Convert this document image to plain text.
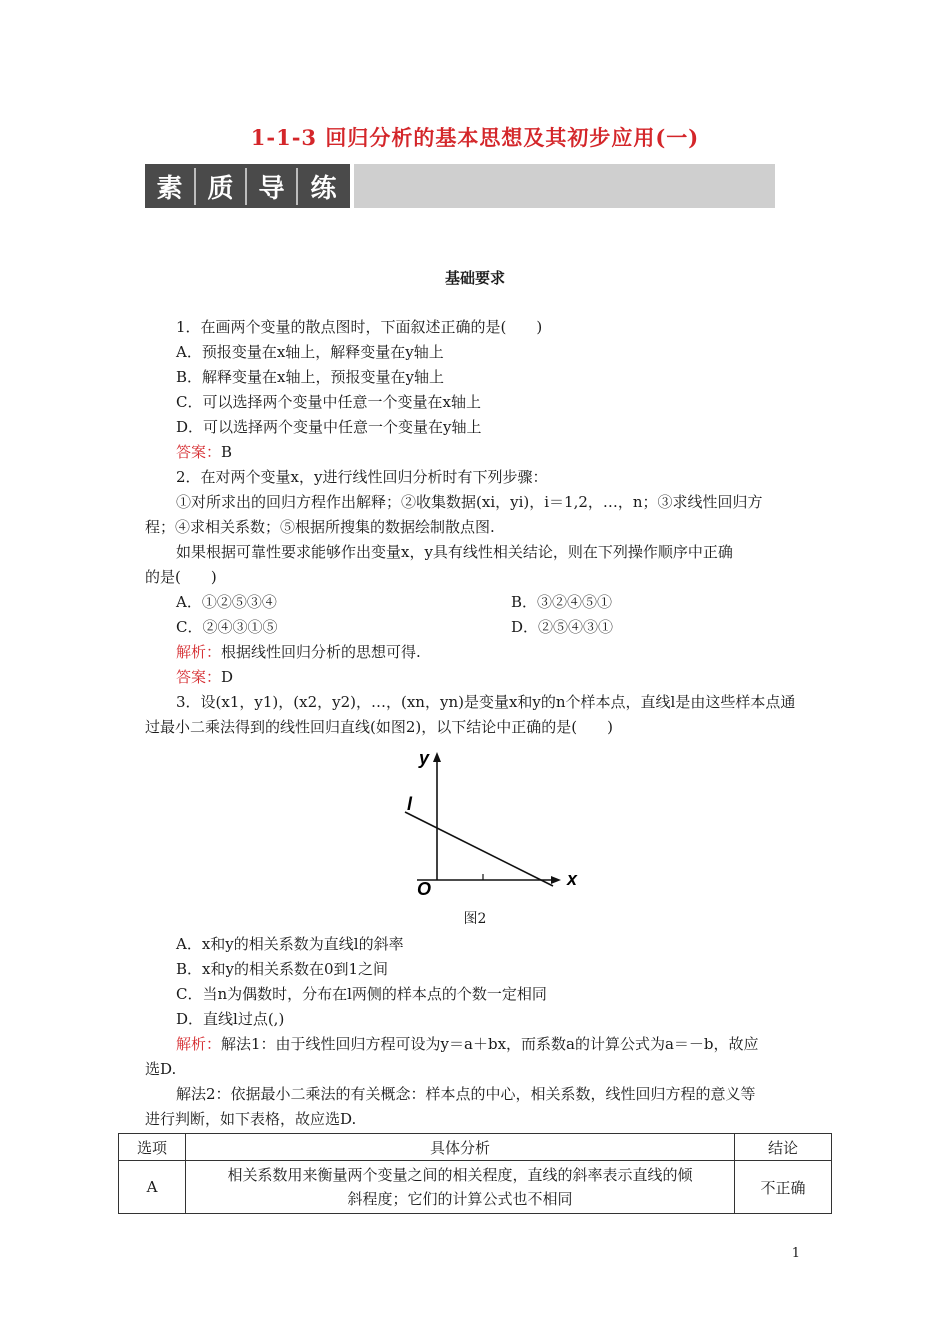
1-1-3 回归分析的基本思想及其初步应用(一)
素 质 导 练
基础要求
1．在画两个变量的散点图时，下面叙述正确的是(　　)
A．预报变量在x轴上，解释变量在y轴上
B．解释变量在x轴上，预报变量在y轴上
C．可以选择两个变量中任意一个变量在x轴上
D．可以选择两个变量中任意一个变量在y轴上
答案：B
2．在对两个变量x，y进行线性回归分析时有下列步骤：
①对所求出的回归方程作出解释；②收集数据(xi，yi)，i＝1,2，…，n；③求线性回归方
程；④求相关系数；⑤根据所搜集的数据绘制散点图.
如果根据可靠性要求能够作出变量x，y具有线性相关结论，则在下列操作顺序中正确
的是(　　)
A．①②⑤③④	B．③②④⑤①
C．②④③①⑤	D．②⑤④③①
解析：根据线性回归分析的思想可得.
答案：D
3．设(x1，y1)，(x2，y2)，…，(xn，yn)是变量x和y的n个样本点，直线l是由这些样本点通
过最小二乘法得到的线性回归直线(如图2)，以下结论中正确的是(　　)
y
x
O
l
图2
A．x和y的相关系数为直线l的斜率
B．x和y的相关系数在0到1之间
C．当n为偶数时，分布在l两侧的样本点的个数一定相同
D．直线l过点(,)
解析：解法1：由于线性回归方程可设为y＝a＋bx，而系数a的计算公式为a＝－b，故应
选D.
解法2：依据最小二乘法的有关概念：样本点的中心，相关系数，线性回归方程的意义等
进行判断，如下表格，故应选D.
选项	具体分析	结论
A	相关系数用来衡量两个变量之间的相关程度，直线的斜率表示直线的倾
斜程度；它们的计算公式也不相同	不正确
1
